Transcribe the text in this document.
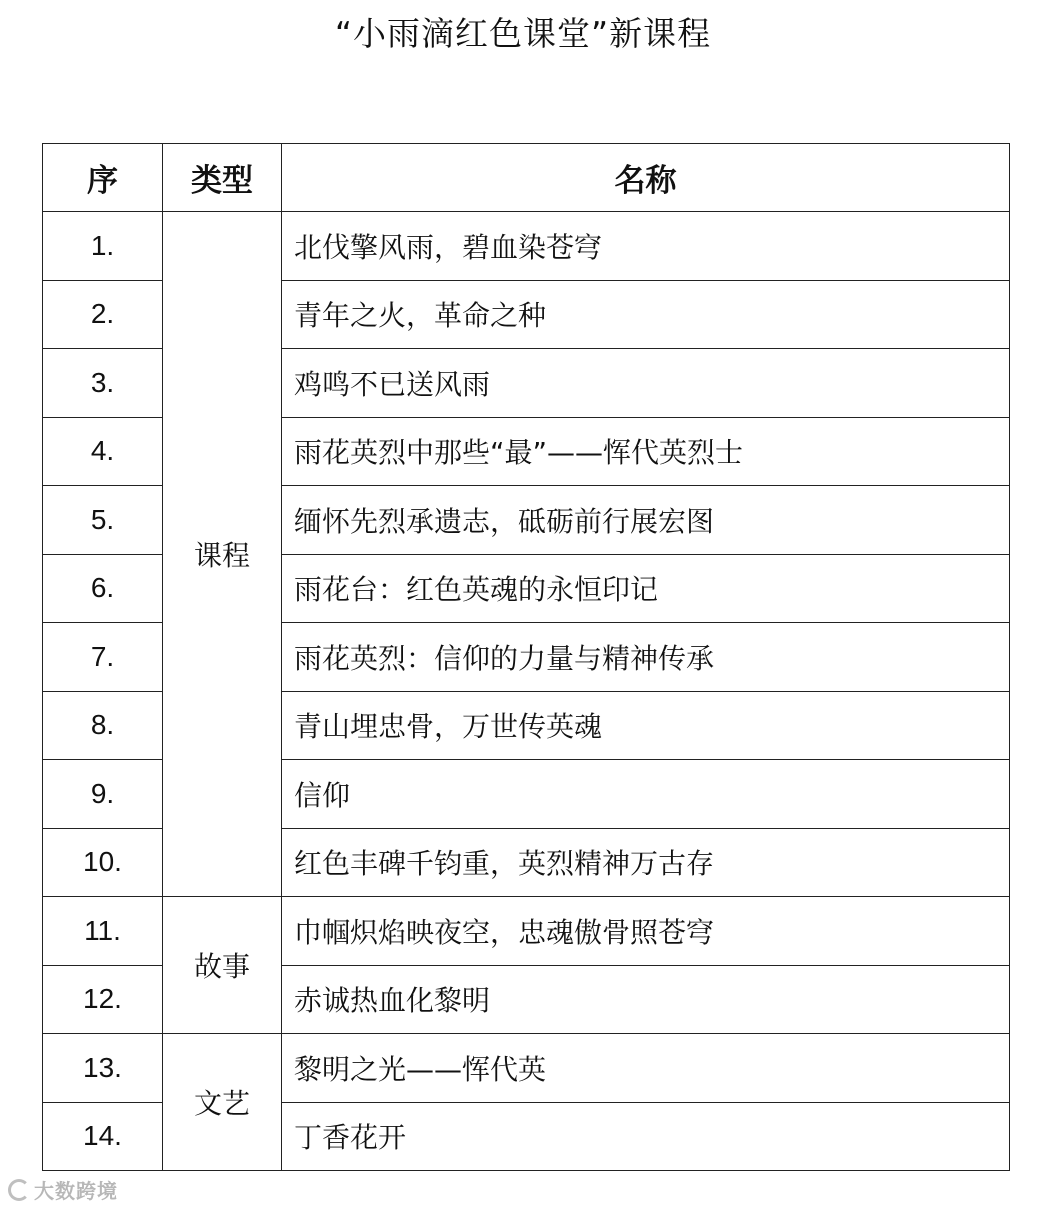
“小雨滴红色课堂”新课程
序	类型	名称
1.	课程	北伐擎风雨，碧血染苍穹
2.		青年之火，革命之种
3.		鸡鸣不已送风雨
4.		雨花英烈中那些“最”——恽代英烈士
5.		缅怀先烈承遗志，砥砺前行展宏图
6.		雨花台：红色英魂的永恒印记
7.		雨花英烈：信仰的力量与精神传承
8.		青山埋忠骨，万世传英魂
9.		信仰
10.		红色丰碑千钧重，英烈精神万古存
11.	故事	巾帼炽焰映夜空，忠魂傲骨照苍穹
12.		赤诚热血化黎明
13.	文艺	黎明之光——恽代英
14.		丁香花开
大数跨境
